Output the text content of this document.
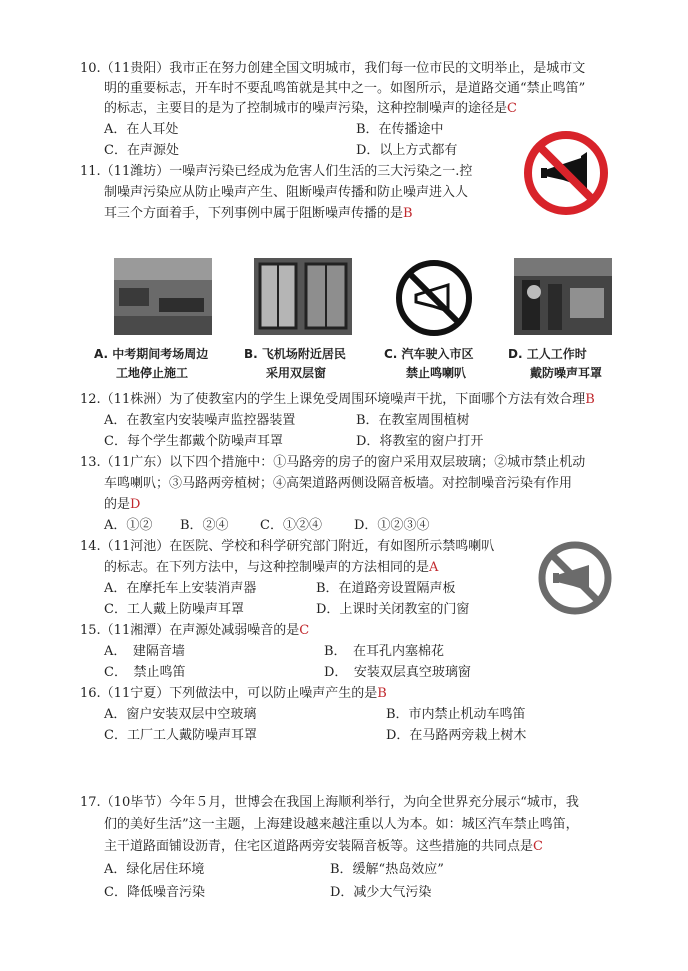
10.（11贵阳）我市正在努力创建全国文明城市，我们每一位市民的文明举止，是城市文
明的重要标志，开车时不要乱鸣笛就是其中之一。如图所示，是道路交通“禁止鸣笛”
的标志，主要目的是为了控制城市的噪声污染，这种控制噪声的途径是C
A．在人耳处	B．在传播途中
C．在声源处	D．以上方式都有
11.（11潍坊）一噪声污染已经成为危害人们生活的三大污染之一.控
制噪声污染应从防止噪声产生、阻断噪声传播和防止噪声进入人
耳三个方面着手，下列事例中属于阻断噪声传播的是B
A. 中考期间考场周边
工地停止施工
B. 飞机场附近居民
采用双层窗
C. 汽车驶入市区
禁止鸣喇叭
D. 工人工作时
戴防噪声耳罩
12.（11株洲）为了使教室内的学生上课免受周围环境噪声干扰，下面哪个方法有效合理B
A．在教室内安装噪声监控器装置	B．在教室周围植树
C．每个学生都戴个防噪声耳罩	D．将教室的窗户打开
13.（11广东）以下四个措施中：①马路旁的房子的窗户采用双层玻璃；②城市禁止机动
车鸣喇叭；③马路两旁植树；④高架道路两侧设隔音板墙。对控制噪音污染有作用
的是D
A．①② B．②④ C．①②④ D．①②③④
14.（11河池）在医院、学校和科学研究部门附近，有如图所示禁鸣喇叭
的标志。在下列方法中，与这种控制噪声的方法相同的是A
A．在摩托车上安装消声器	B．在道路旁设置隔声板
C．工人戴上防噪声耳罩	D．上课时关闭教室的门窗
15.（11湘潭）在声源处减弱噪音的是C
A．　建隔音墙	B．　在耳孔内塞棉花
C．　禁止鸣笛	D．　安装双层真空玻璃窗
16.（11宁夏）下列做法中，可以防止噪声产生的是B
A．窗户安装双层中空玻璃	B．市内禁止机动车鸣笛
C．工厂工人戴防噪声耳罩	D．在马路两旁栽上树木
17.（10毕节）今年５月，世博会在我国上海顺利举行，为向全世界充分展示“城市，我
们的美好生活”这一主题，上海建设越来越注重以人为本。如：城区汽车禁止鸣笛，
主干道路面铺设沥青，住宅区道路两旁安装隔音板等。这些措施的共同点是C
A．绿化居住环境	B．缓解“热岛效应”
C．降低噪音污染	D．减少大气污染
